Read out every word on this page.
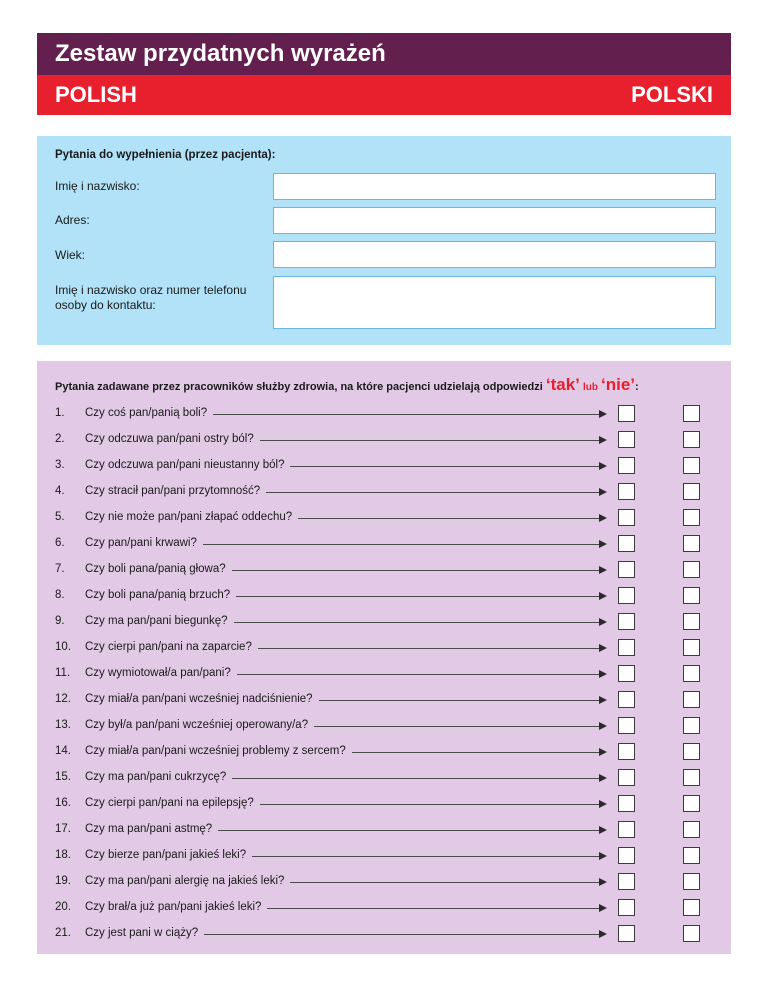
Zestaw przydatnych wyrażeń
POLISH	POLSKI
Pytania do wypełnienia (przez pacjenta):
Imię i nazwisko:
Adres:
Wiek:
Imię i nazwisko oraz numer telefonu osoby do kontaktu:
Pytania zadawane przez pracowników służby zdrowia, na które pacjenci udzielają odpowiedzi ‘tak’ lub ‘nie’:
1. Czy coś pan/panią boli?
2. Czy odczuwa pan/pani ostry ból?
3. Czy odczuwa pan/pani nieustanny ból?
4. Czy stracił pan/pani przytomność?
5. Czy nie może pan/pani złapać oddechu?
6. Czy pan/pani krwawi?
7. Czy boli pana/panią głowa?
8. Czy boli pana/panią brzuch?
9. Czy ma pan/pani biegunkę?
10. Czy cierpi pan/pani na zaparcie?
11. Czy wymiotował/a pan/pani?
12. Czy miał/a pan/pani wcześniej nadciśnienie?
13. Czy był/a pan/pani wcześniej operowany/a?
14. Czy miał/a pan/pani wcześniej problemy z sercem?
15. Czy ma pan/pani cukrzycę?
16. Czy cierpi pan/pani na epilepsję?
17. Czy ma pan/pani astmę?
18. Czy bierze pan/pani jakieś leki?
19. Czy ma pan/pani alergię na jakieś leki?
20. Czy brał/a już pan/pani jakieś leki?
21. Czy jest pani w ciąży?
